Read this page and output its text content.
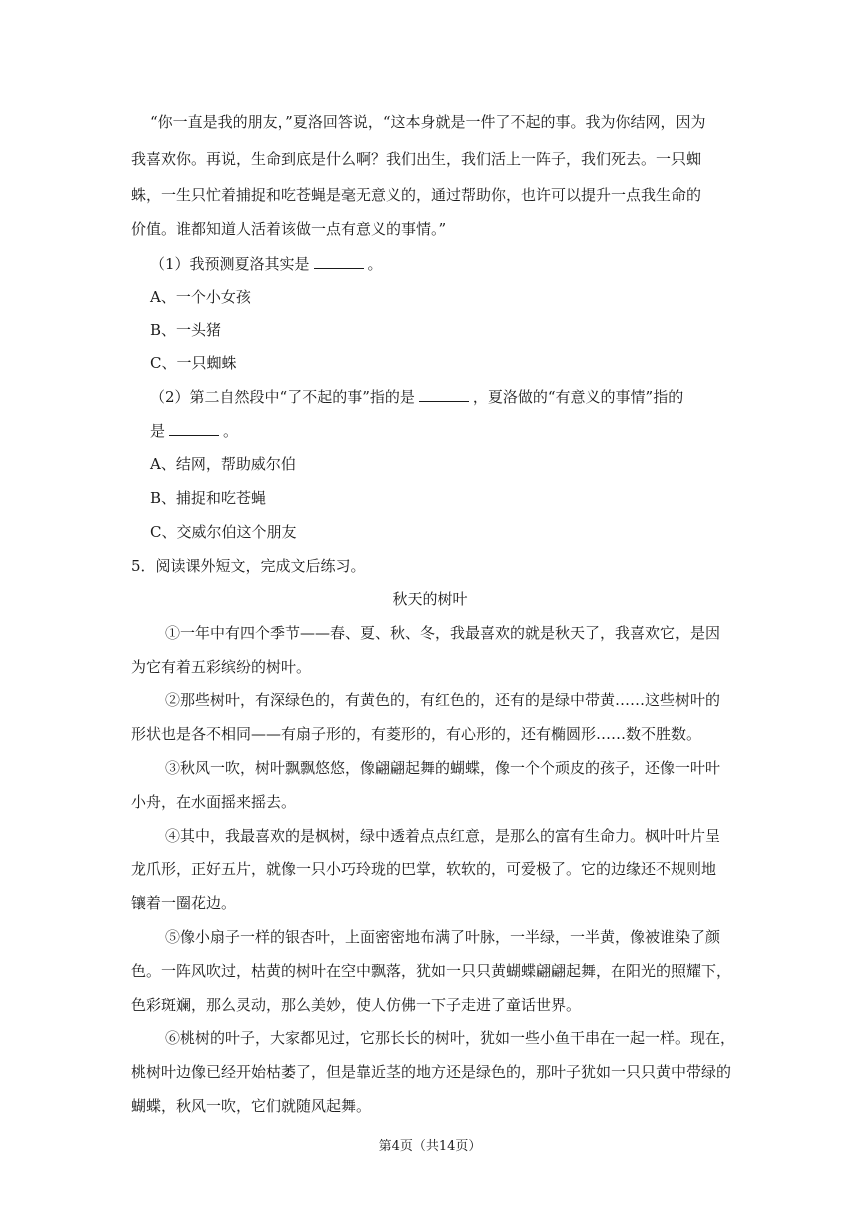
“你一直是我的朋友，”夏洛回答说，“这本身就是一件了不起的事。我为你结网，因为
我喜欢你。再说，生命到底是什么啊？我们出生，我们活上一阵子，我们死去。一只蜘
蛛，一生只忙着捕捉和吃苍蝇是毫无意义的，通过帮助你，也许可以提升一点我生命的
价值。谁都知道人活着该做一点有意义的事情。”
（1）我预测夏洛其实是	。
A、一个小女孩
B、一头猪
C、一只蜘蛛
（2）第二自然段中“了不起的事”指的是	，夏洛做的“有意义的事情”指的
是	。
A、结网，帮助威尔伯
B、捕捉和吃苍蝇
C、交威尔伯这个朋友
5．阅读课外短文，完成文后练习。
秋天的树叶
①一年中有四个季节——春、夏、秋、冬，我最喜欢的就是秋天了，我喜欢它，是因
为它有着五彩缤纷的树叶。
②那些树叶，有深绿色的，有黄色的，有红色的，还有的是绿中带黄……这些树叶的
形状也是各不相同——有扇子形的，有菱形的，有心形的，还有椭圆形……数不胜数。
③秋风一吹，树叶飘飘悠悠，像翩翩起舞的蝴蝶，像一个个顽皮的孩子，还像一叶叶
小舟，在水面摇来摇去。
④其中，我最喜欢的是枫树，绿中透着点点红意，是那么的富有生命力。枫叶叶片呈
龙爪形，正好五片，就像一只小巧玲珑的巴掌，软软的，可爱极了。它的边缘还不规则地
镶着一圈花边。
⑤像小扇子一样的银杏叶，上面密密地布满了叶脉，一半绿，一半黄，像被谁染了颜
色。一阵风吹过，枯黄的树叶在空中飘落，犹如一只只黄蝴蝶翩翩起舞，在阳光的照耀下，
色彩斑斓，那么灵动，那么美妙，使人仿佛一下子走进了童话世界。
⑥桃树的叶子，大家都见过，它那长长的树叶，犹如一些小鱼干串在一起一样。现在，
桃树叶边像已经开始枯萎了，但是靠近茎的地方还是绿色的，那叶子犹如一只只黄中带绿的
蝴蝶，秋风一吹，它们就随风起舞。
第4页（共14页）
